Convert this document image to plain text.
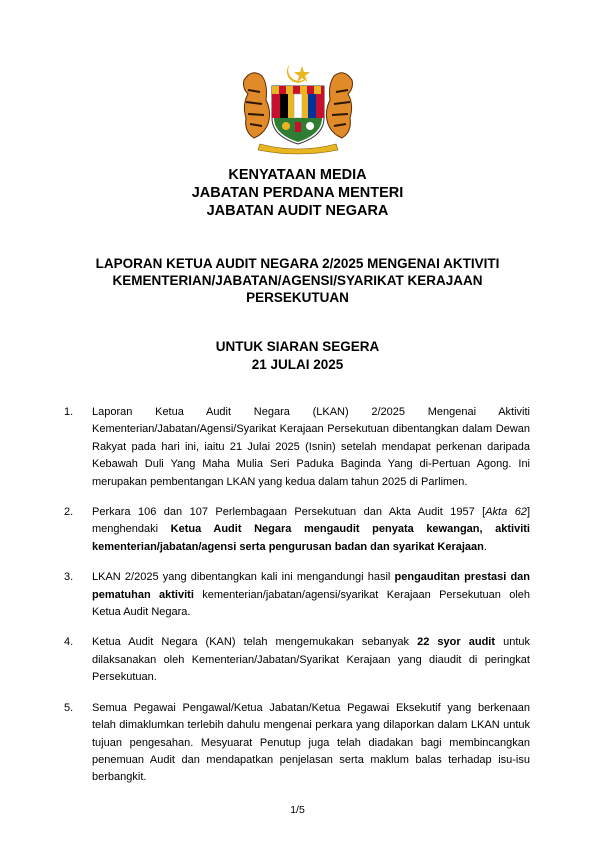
KENYATAAN MEDIA
JABATAN PERDANA MENTERI
JABATAN AUDIT NEGARA
LAPORAN KETUA AUDIT NEGARA 2/2025 MENGENAI AKTIVITI
KEMENTERIAN/JABATAN/AGENSI/SYARIKAT KERAJAAN
PERSEKUTUAN
UNTUK SIARAN SEGERA
21 JULAI 2025
1.	Laporan Ketua Audit Negara (LKAN) 2/2025 Mengenai Aktiviti Kementerian/Jabatan/Agensi/Syarikat Kerajaan Persekutuan dibentangkan dalam Dewan Rakyat pada hari ini, iaitu 21 Julai 2025 (Isnin) setelah mendapat perkenan daripada Kebawah Duli Yang Maha Mulia Seri Paduka Baginda Yang di-Pertuan Agong. Ini merupakan pembentangan LKAN yang kedua dalam tahun 2025 di Parlimen.
2.	Perkara 106 dan 107 Perlembagaan Persekutuan dan Akta Audit 1957 [Akta 62] menghendaki Ketua Audit Negara mengaudit penyata kewangan, aktiviti kementerian/jabatan/agensi serta pengurusan badan dan syarikat Kerajaan.
3.	LKAN 2/2025 yang dibentangkan kali ini mengandungi hasil pengauditan prestasi dan pematuhan aktiviti kementerian/jabatan/agensi/syarikat Kerajaan Persekutuan oleh Ketua Audit Negara.
4.	Ketua Audit Negara (KAN) telah mengemukakan sebanyak 22 syor audit untuk dilaksanakan oleh Kementerian/Jabatan/Syarikat Kerajaan yang diaudit di peringkat Persekutuan.
5.	Semua Pegawai Pengawal/Ketua Jabatan/Ketua Pegawai Eksekutif yang berkenaan telah dimaklumkan terlebih dahulu mengenai perkara yang dilaporkan dalam LKAN untuk tujuan pengesahan. Mesyuarat Penutup juga telah diadakan bagi membincangkan penemuan Audit dan mendapatkan penjelasan serta maklum balas terhadap isu-isu berbangkit.
1/5
